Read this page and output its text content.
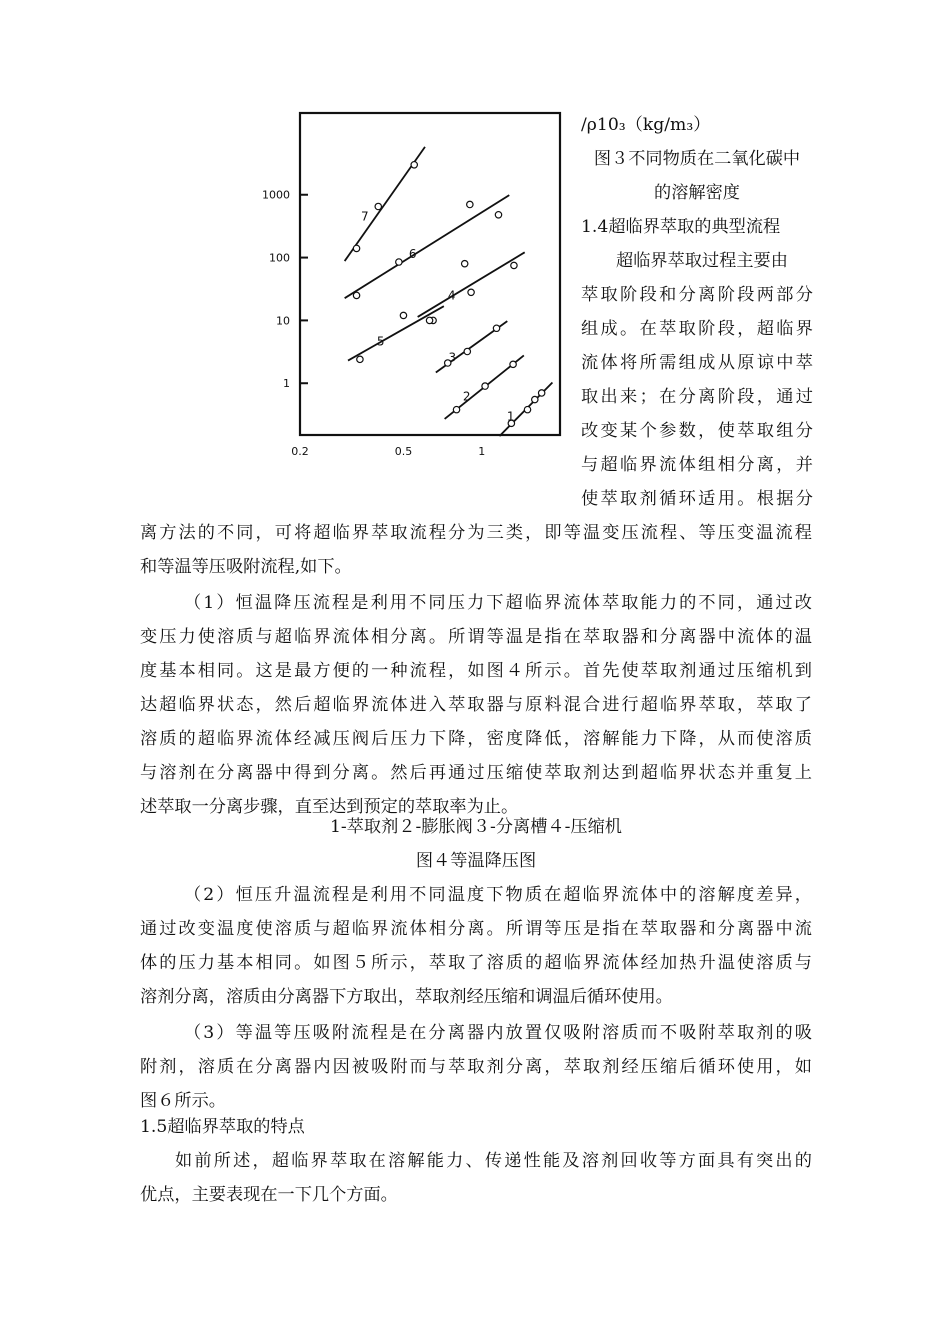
1000
100
10
1
0.2	0.5	1
7
6
5
4
3
2
1
/ρ10₃（kg/m₃）
图３不同物质在二氧化碳中
的溶解密度
1.4超临界萃取的典型流程
超临界萃取过程主要由
萃取阶段和分离阶段两部分
组成。在萃取阶段，超临界
流体将所需组成从原谅中萃
取出来；在分离阶段，通过
改变某个参数，使萃取组分
与超临界流体组相分离，并
使萃取剂循环适用。根据分
离方法的不同，可将超临界萃取流程分为三类，即等温变压流程、等压变温流程
和等温等压吸附流程,如下。
（1）恒温降压流程是利用不同压力下超临界流体萃取能力的不同，通过改
变压力使溶质与超临界流体相分离。所谓等温是指在萃取器和分离器中流体的温
度基本相同。这是最方便的一种流程，如图４所示。首先使萃取剂通过压缩机到
达超临界状态，然后超临界流体进入萃取器与原料混合进行超临界萃取，萃取了
溶质的超临界流体经减压阀后压力下降，密度降低，溶解能力下降，从而使溶质
与溶剂在分离器中得到分离。然后再通过压缩使萃取剂达到超临界状态并重复上
述萃取一分离步骤，直至达到预定的萃取率为止。
1-萃取剂２-膨胀阀３-分离槽４-压缩机
图４等温降压图
（2）恒压升温流程是利用不同温度下物质在超临界流体中的溶解度差异，
通过改变温度使溶质与超临界流体相分离。所谓等压是指在萃取器和分离器中流
体的压力基本相同。如图５所示，萃取了溶质的超临界流体经加热升温使溶质与
溶剂分离，溶质由分离器下方取出，萃取剂经压缩和调温后循环使用。
（3）等温等压吸附流程是在分离器内放置仅吸附溶质而不吸附萃取剂的吸
附剂，溶质在分离器内因被吸附而与萃取剂分离，萃取剂经压缩后循环使用，如
图６所示。
1.5超临界萃取的特点
如前所述，超临界萃取在溶解能力、传递性能及溶剂回收等方面具有突出的
优点，主要表现在一下几个方面。
